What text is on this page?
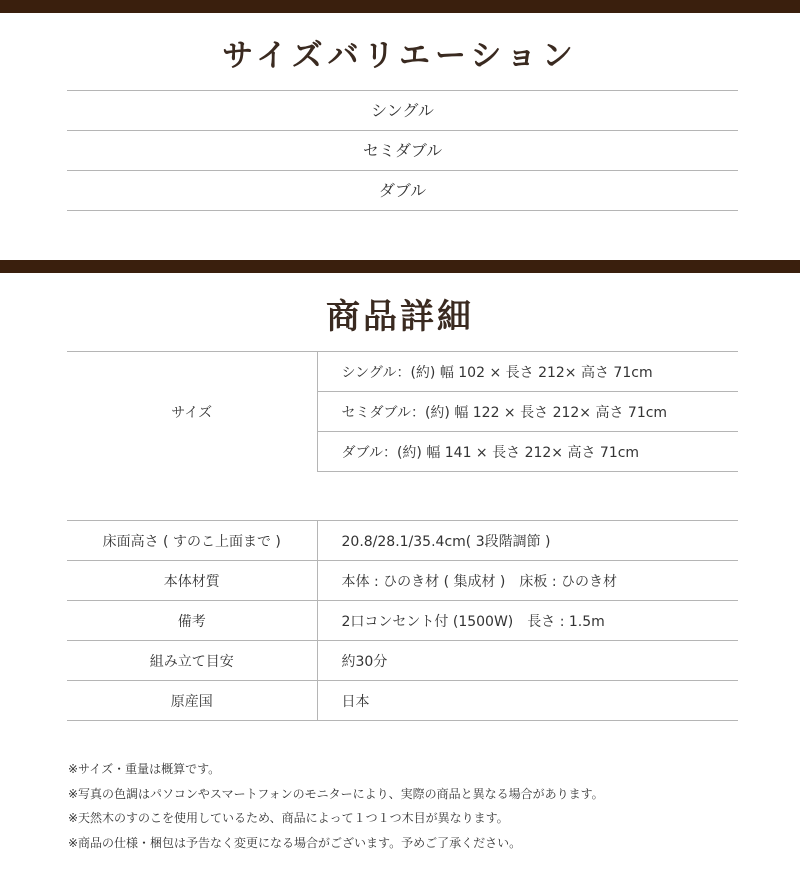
サイズバリエーション
シングル
セミダブル
ダブル
商品詳細
サイズ	シングル：(約) 幅 102 × 長さ 212× 高さ 71cm
セミダブル：(約) 幅 122 × 長さ 212× 高さ 71cm
ダブル：(約) 幅 141 × 長さ 212× 高さ 71cm
床面高さ ( すのこ上面まで )	20.8/28.1/35.4cm( 3段階調節 )
本体材質	本体 : ひのき材 ( 集成材 )　床板 : ひのき材
備考	2口コンセント付 (1500W)　長さ : 1.5m
組み立て目安	約30分
原産国	日本
※サイズ・重量は概算です。
※写真の色調はパソコンやスマートフォンのモニターにより、実際の商品と異なる場合があります。
※天然木のすのこを使用しているため、商品によって１つ１つ木目が異なります。
※商品の仕様・梱包は予告なく変更になる場合がございます。予めご了承ください。
